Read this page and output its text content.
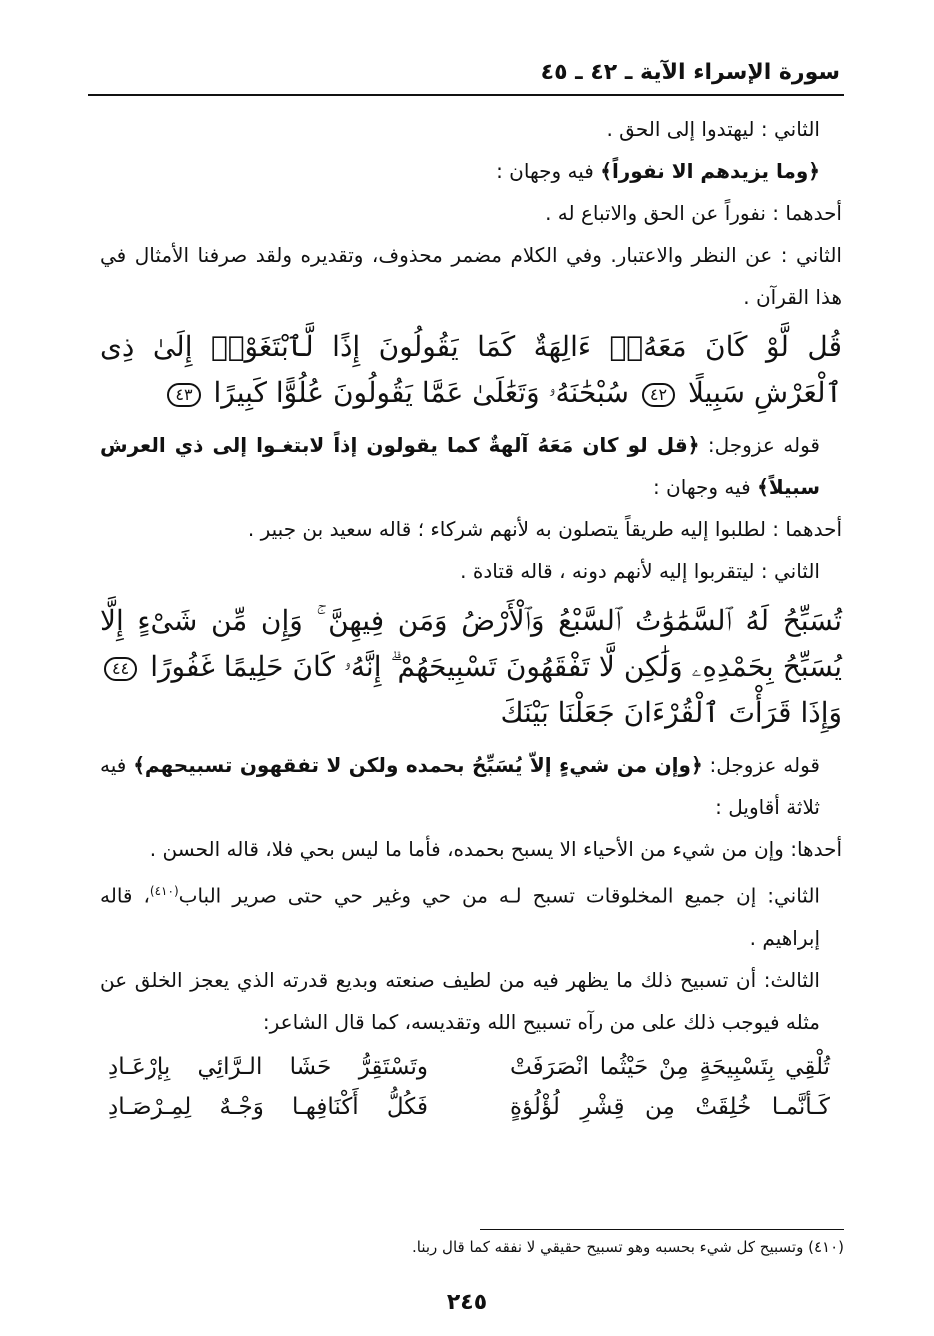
سورة الإسراء الآية ـ ٤٢ ـ ٤٥

الثاني : ليهتدوا إلى الحق .

﴿وما يزيدهم الا نفوراً﴾ فيه وجهان :

أحدهما : نفوراً عن الحق والاتباع له .

الثاني : عن النظر والاعتبار. وفي الكلام مضمر محذوف، وتقديره ولقد صرفنا الأمثال في هذا القرآن .

قُل لَّوْ كَانَ مَعَهُۥٓ ءَالِهَةٌ كَمَا يَقُولُونَ إِذًا لَّٱبْتَغَوْا۟ إِلَىٰ ذِى ٱلْعَرْشِ سَبِيلًا ٤٢ سُبْحَٰنَهُۥ وَتَعَٰلَىٰ عَمَّا يَقُولُونَ عُلُوًّا كَبِيرًا ٤٣

قوله عزوجل: ﴿قل لو كان مَعَهُ آلهةٌ كما يقولون إذاً لابتغـوا إلى ذي العرش سبيلاً﴾ فيه وجهان :

أحدهما : لطلبوا إليه طريقاً يتصلون به لأنهم شركاء ؛ قاله سعيد بن جبير .

الثاني : ليتقربوا إليه لأنهم دونه ، قاله قتادة .

تُسَبِّحُ لَهُ ٱلسَّمَٰوَٰتُ ٱلسَّبْعُ وَٱلْأَرْضُ وَمَن فِيهِنَّ ۚ وَإِن مِّن شَىْءٍ إِلَّا يُسَبِّحُ بِحَمْدِهِۦ وَلَٰكِن لَّا تَفْقَهُونَ تَسْبِيحَهُمْ ۗ إِنَّهُۥ كَانَ حَلِيمًا غَفُورًا ٤٤ وَإِذَا قَرَأْتَ ٱلْقُرْءَانَ جَعَلْنَا بَيْنَكَ

قوله عزوجل: ﴿وإن من شيءٍ إلاّ يُسَبِّحُ بحمده ولكن لا تفقهون تسبيحهم﴾ فيه ثلاثة أقاويل :

أحدها: وإن من شيء من الأحياء الا يسبح بحمده، فأما ما ليس بحي فلا، قاله الحسن .

الثاني: إن جميع المخلوقات تسبح لـه من حي وغير حي حتى صرير الباب$^{(٤١٠)}$، قاله إبراهيم .

الثالث: أن تسبيح ذلك ما يظهر فيه من لطيف صنعته وبديع قدرته الذي يعجز الخلق عن مثله فيوجب ذلك على من رآه تسبيح الله وتقديسه، كما قال الشاعر:

تُلْقِي بِتَسْبِيحَةٍ مِنْ حَيْثُما انْصَرَفَتْ
وتَسْتَقِرُّ حَشَا الـرَّائِي بِإرْعَـادِ
كَـأنَّمـا خُلِقَتْ مِن قِشْرِ لُؤْلُؤةٍ
فَكُلُّ أَكْنَافِهـا وَجْـهٌ لِمِـرْصَـادِ
(٤١٠) وتسبيح كل شيء بحسبه وهو تسبيح حقيقي لا نفقه كما قال ربنا.
٢٤٥
